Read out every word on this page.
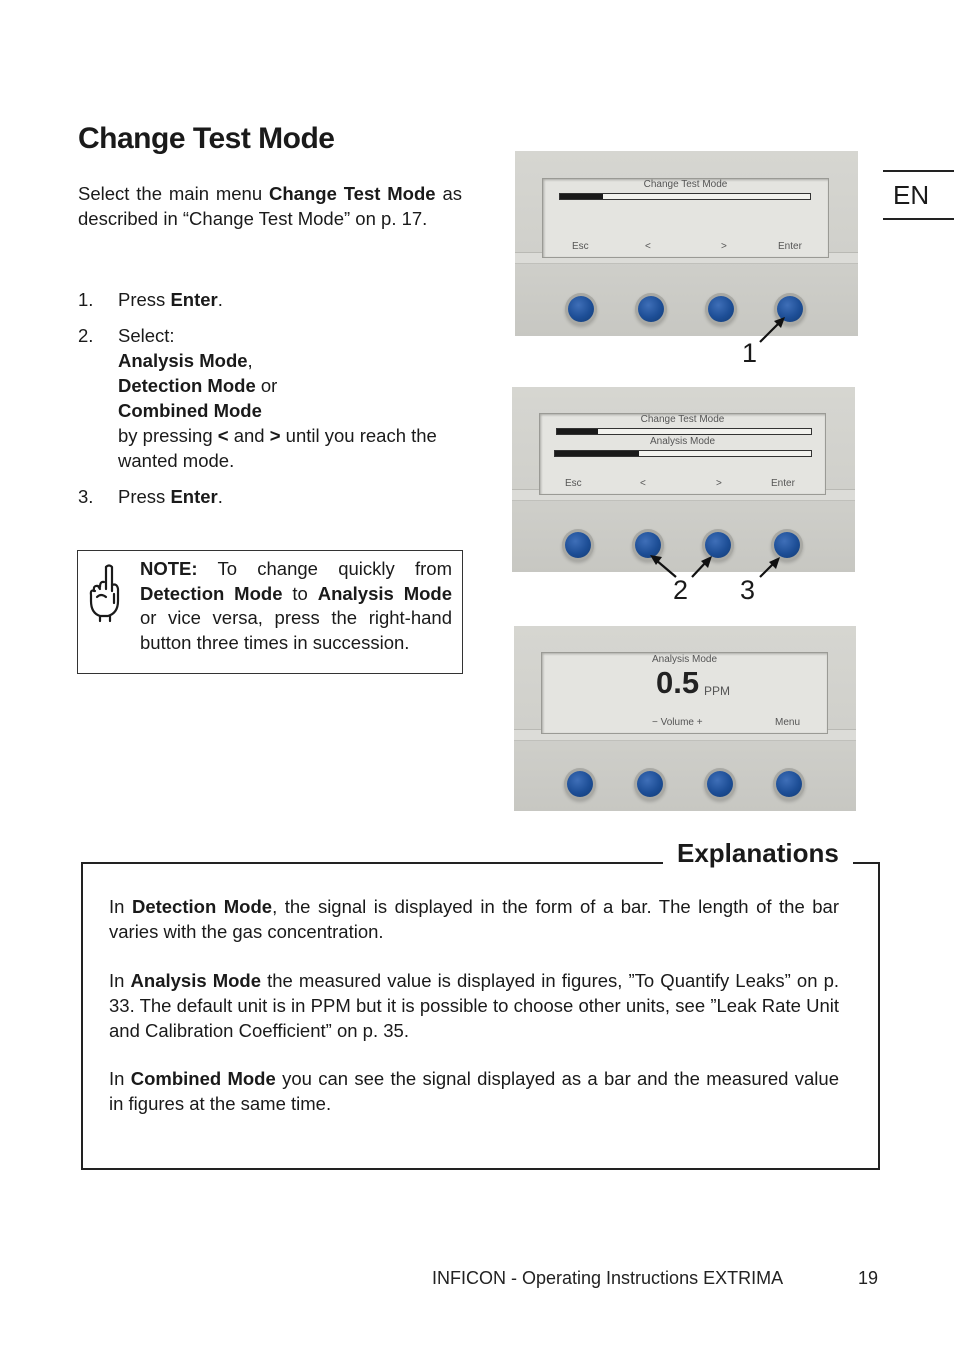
Change Test Mode
EN

Select the main menu Change Test Mode as described in “Change Test Mode” on p. 17.

1. Press Enter.
2. Select:
Analysis Mode,
Detection Mode or
Combined Mode
by pressing < and > until you reach the wanted mode.
3. Press Enter.
NOTE: To change quickly from Detection Mode to Analysis Mode or vice versa, press the right-hand button three times in succession.
Change Test Mode
Esc	<	>	Enter
1
Change Test Mode
Analysis Mode
Esc	<	>	Enter
2 3
Analysis Mode
0.5 PPM
− Volume +	Menu

In Detection Mode, the signal is displayed in the form of a bar. The length of the bar varies with the gas concentration.

In Analysis Mode the measured value is displayed in figures, ”To Quantify Leaks” on p. 33. The default unit is in PPM but it is possible to choose other units, see ”Leak Rate Unit and Calibration Coefficient” on p. 35.

In Combined Mode you can see the signal displayed as a bar and the measured value in figures at the same time.

Explanations
INFICON - Operating Instructions EXTRIMA	19
